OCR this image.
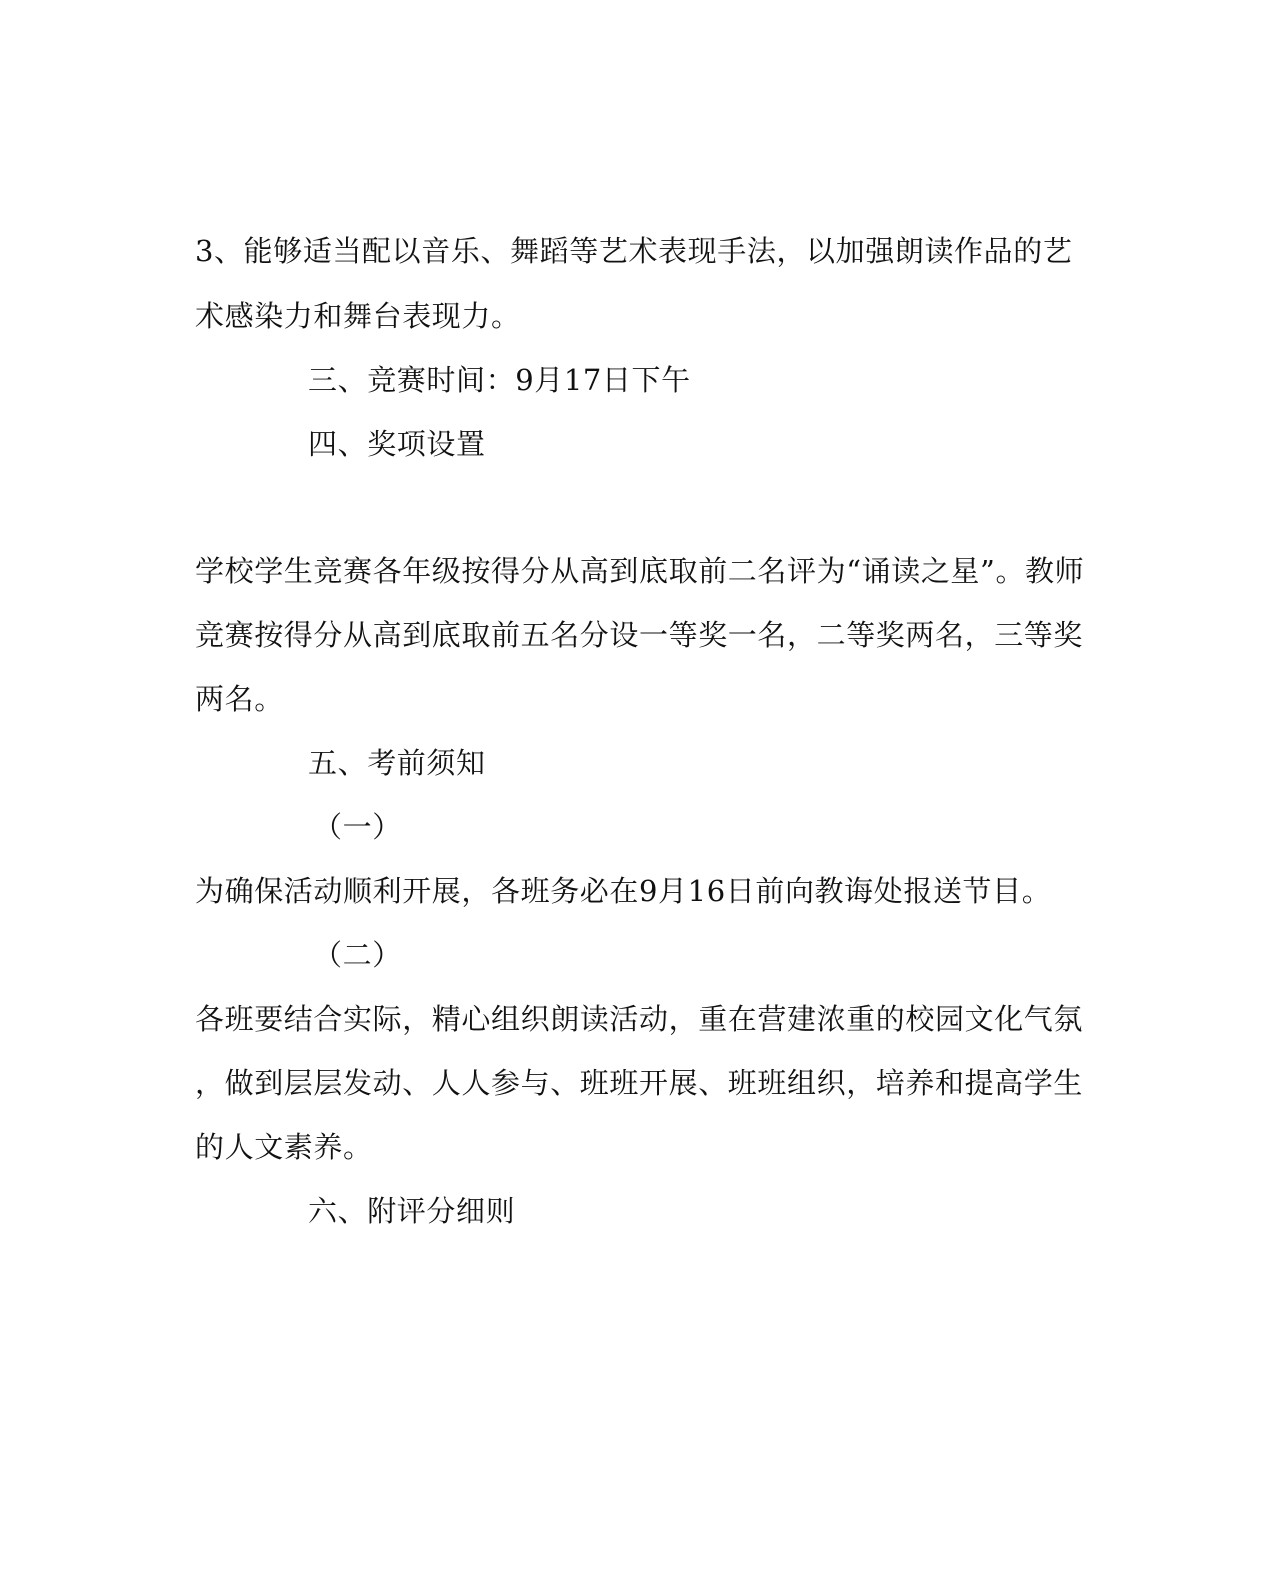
3、能够适当配以音乐、舞蹈等艺术表现手法，以加强朗读作品的艺
术感染力和舞台表现力。
三、竞赛时间：9月17日下午
四、奖项设置
学校学生竞赛各年级按得分从高到底取前二名评为“诵读之星”。教师
竞赛按得分从高到底取前五名分设一等奖一名，二等奖两名，三等奖
两名。
五、考前须知
（一）
为确保活动顺利开展，各班务必在9月16日前向教诲处报送节目。
（二）
各班要结合实际，精心组织朗读活动，重在营建浓重的校园文化气氛
，做到层层发动、人人参与、班班开展、班班组织，培养和提高学生
的人文素养。
六、附评分细则
